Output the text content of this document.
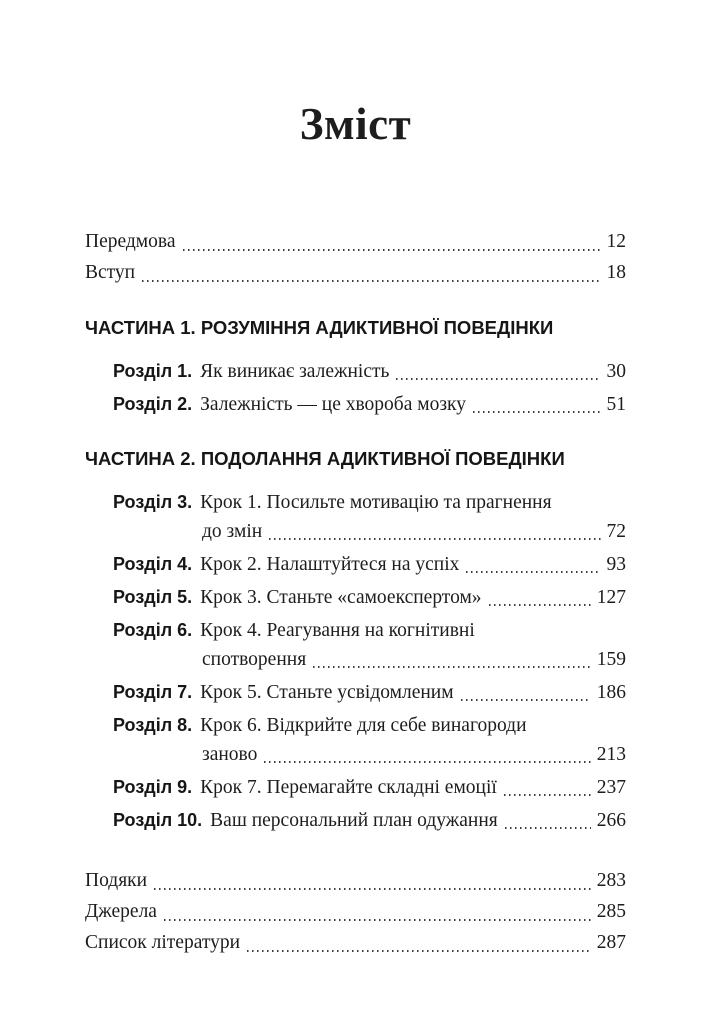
Зміст
Передмова	12
Вступ	18
ЧАСТИНА 1. РОЗУМІННЯ АДИКТИВНОЇ ПОВЕДІНКИ
Розділ 1. Як виникає залежність	30
Розділ 2. Залежність — це хвороба мозку	51
ЧАСТИНА 2. ПОДОЛАННЯ АДИКТИВНОЇ ПОВЕДІНКИ
Розділ 3. Крок 1. Посильте мотивацію та прагнення
до змін	72
Розділ 4. Крок 2. Налаштуйтеся на успіх	93
Розділ 5. Крок 3. Станьте «самоекспертом»	127
Розділ 6. Крок 4. Реагування на когнітивні
спотворення	159
Розділ 7. Крок 5. Станьте усвідомленим	186
Розділ 8. Крок 6. Відкрийте для себе винагороди
заново	213
Розділ 9. Крок 7. Перемагайте складні емоції	237
Розділ 10. Ваш персональний план одужання	266
Подяки	283
Джерела	285
Список літератури	287
